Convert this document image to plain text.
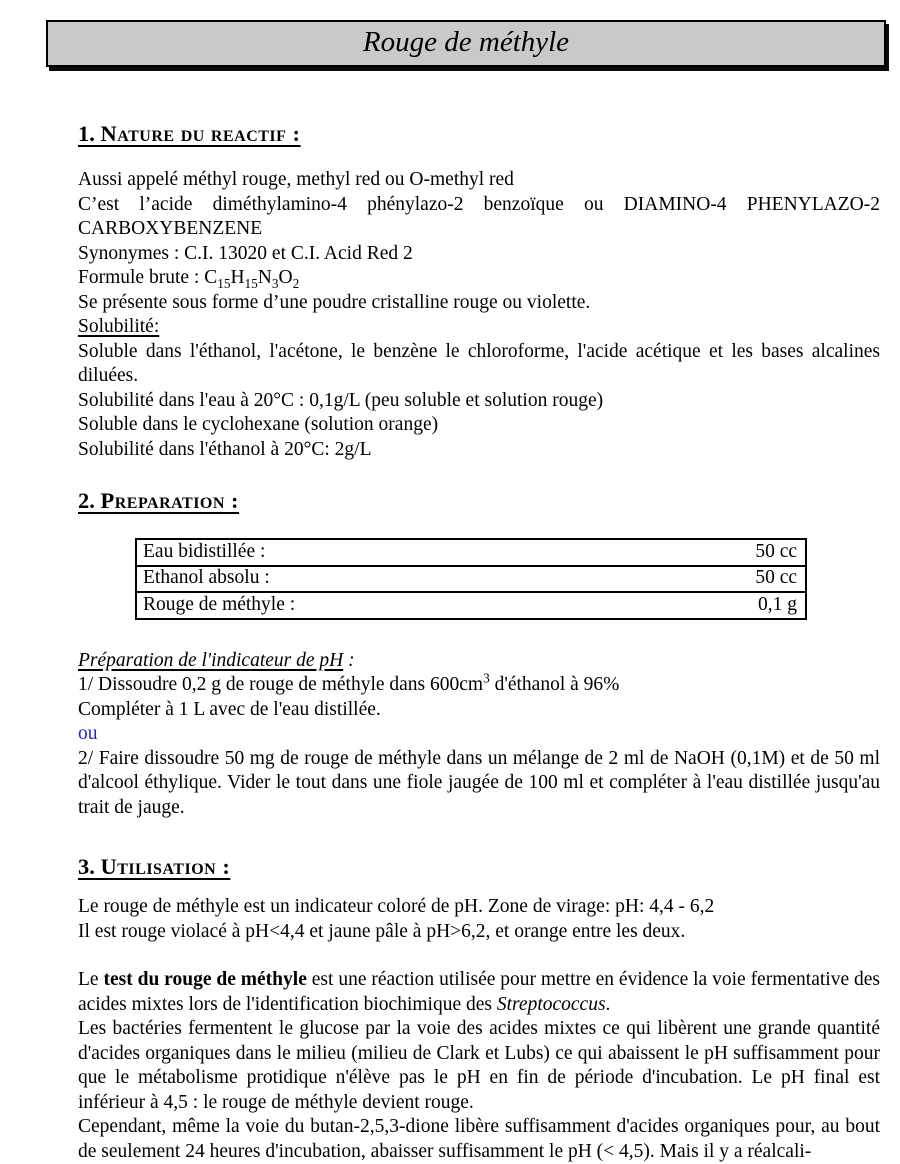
Rouge de méthyle
1. Nature du reactif :

Aussi appelé méthyl rouge, methyl red ou O-methyl red

C’est l’acide diméthylamino-4 phénylazo-2 benzoïque ou DIAMINO-4 PHENYLAZO-2 CARBOXYBENZENE

Synonymes : C.I. 13020 et C.I. Acid Red 2

Formule brute : $C_{15}H_{15}N_3O_2$

Se présente sous forme d’une poudre cristalline rouge ou violette.

Solubilité:

Soluble dans l'éthanol, l'acétone, le benzène le chloroforme, l'acide acétique et les bases alcalines diluées.

Solubilité dans l'eau à 20°C : 0,1g/L (peu soluble et solution rouge)

Soluble dans le cyclohexane (solution orange)

Solubilité dans l'éthanol à 20°C: 2g/L

2. Preparation :
Eau bidistillée :	50 cc
Ethanol absolu :	50 cc
Rouge de méthyle :	0,1 g

Préparation de l'indicateur de pH :

1/ Dissoudre 0,2 g de rouge de méthyle dans $600cm^3$ d'éthanol à 96%

Compléter à 1 L avec de l'eau distillée.

ou

2/ Faire dissoudre 50 mg de rouge de méthyle dans un mélange de 2 ml de NaOH (0,1M) et de 50 ml d'alcool éthylique. Vider le tout dans une fiole jaugée de 100 ml et compléter à l'eau distillée jusqu'au trait de jauge.

3. Utilisation :

Le rouge de méthyle est un indicateur coloré de pH. Zone de virage: pH: 4,4 - 6,2

Il est rouge violacé à pH<4,4 et jaune pâle à pH>6,2, et orange entre les deux.

Le test du rouge de méthyle est une réaction utilisée pour mettre en évidence la voie fermentative des acides mixtes lors de l'identification biochimique des Streptococcus.

Les bactéries fermentent le glucose par la voie des acides mixtes ce qui libèrent une grande quantité d'acides organiques dans le milieu (milieu de Clark et Lubs) ce qui abaissent le pH suffisamment pour que le métabolisme protidique n'élève pas le pH en fin de période d'incubation. Le pH final est inférieur à 4,5 : le rouge de méthyle devient rouge.

Cependant, même la voie du butan-2,5,3-dione libère suffisamment d'acides organiques pour, au bout de seulement 24 heures d'incubation, abaisser suffisamment le pH (< 4,5). Mais il y a réalcali-
